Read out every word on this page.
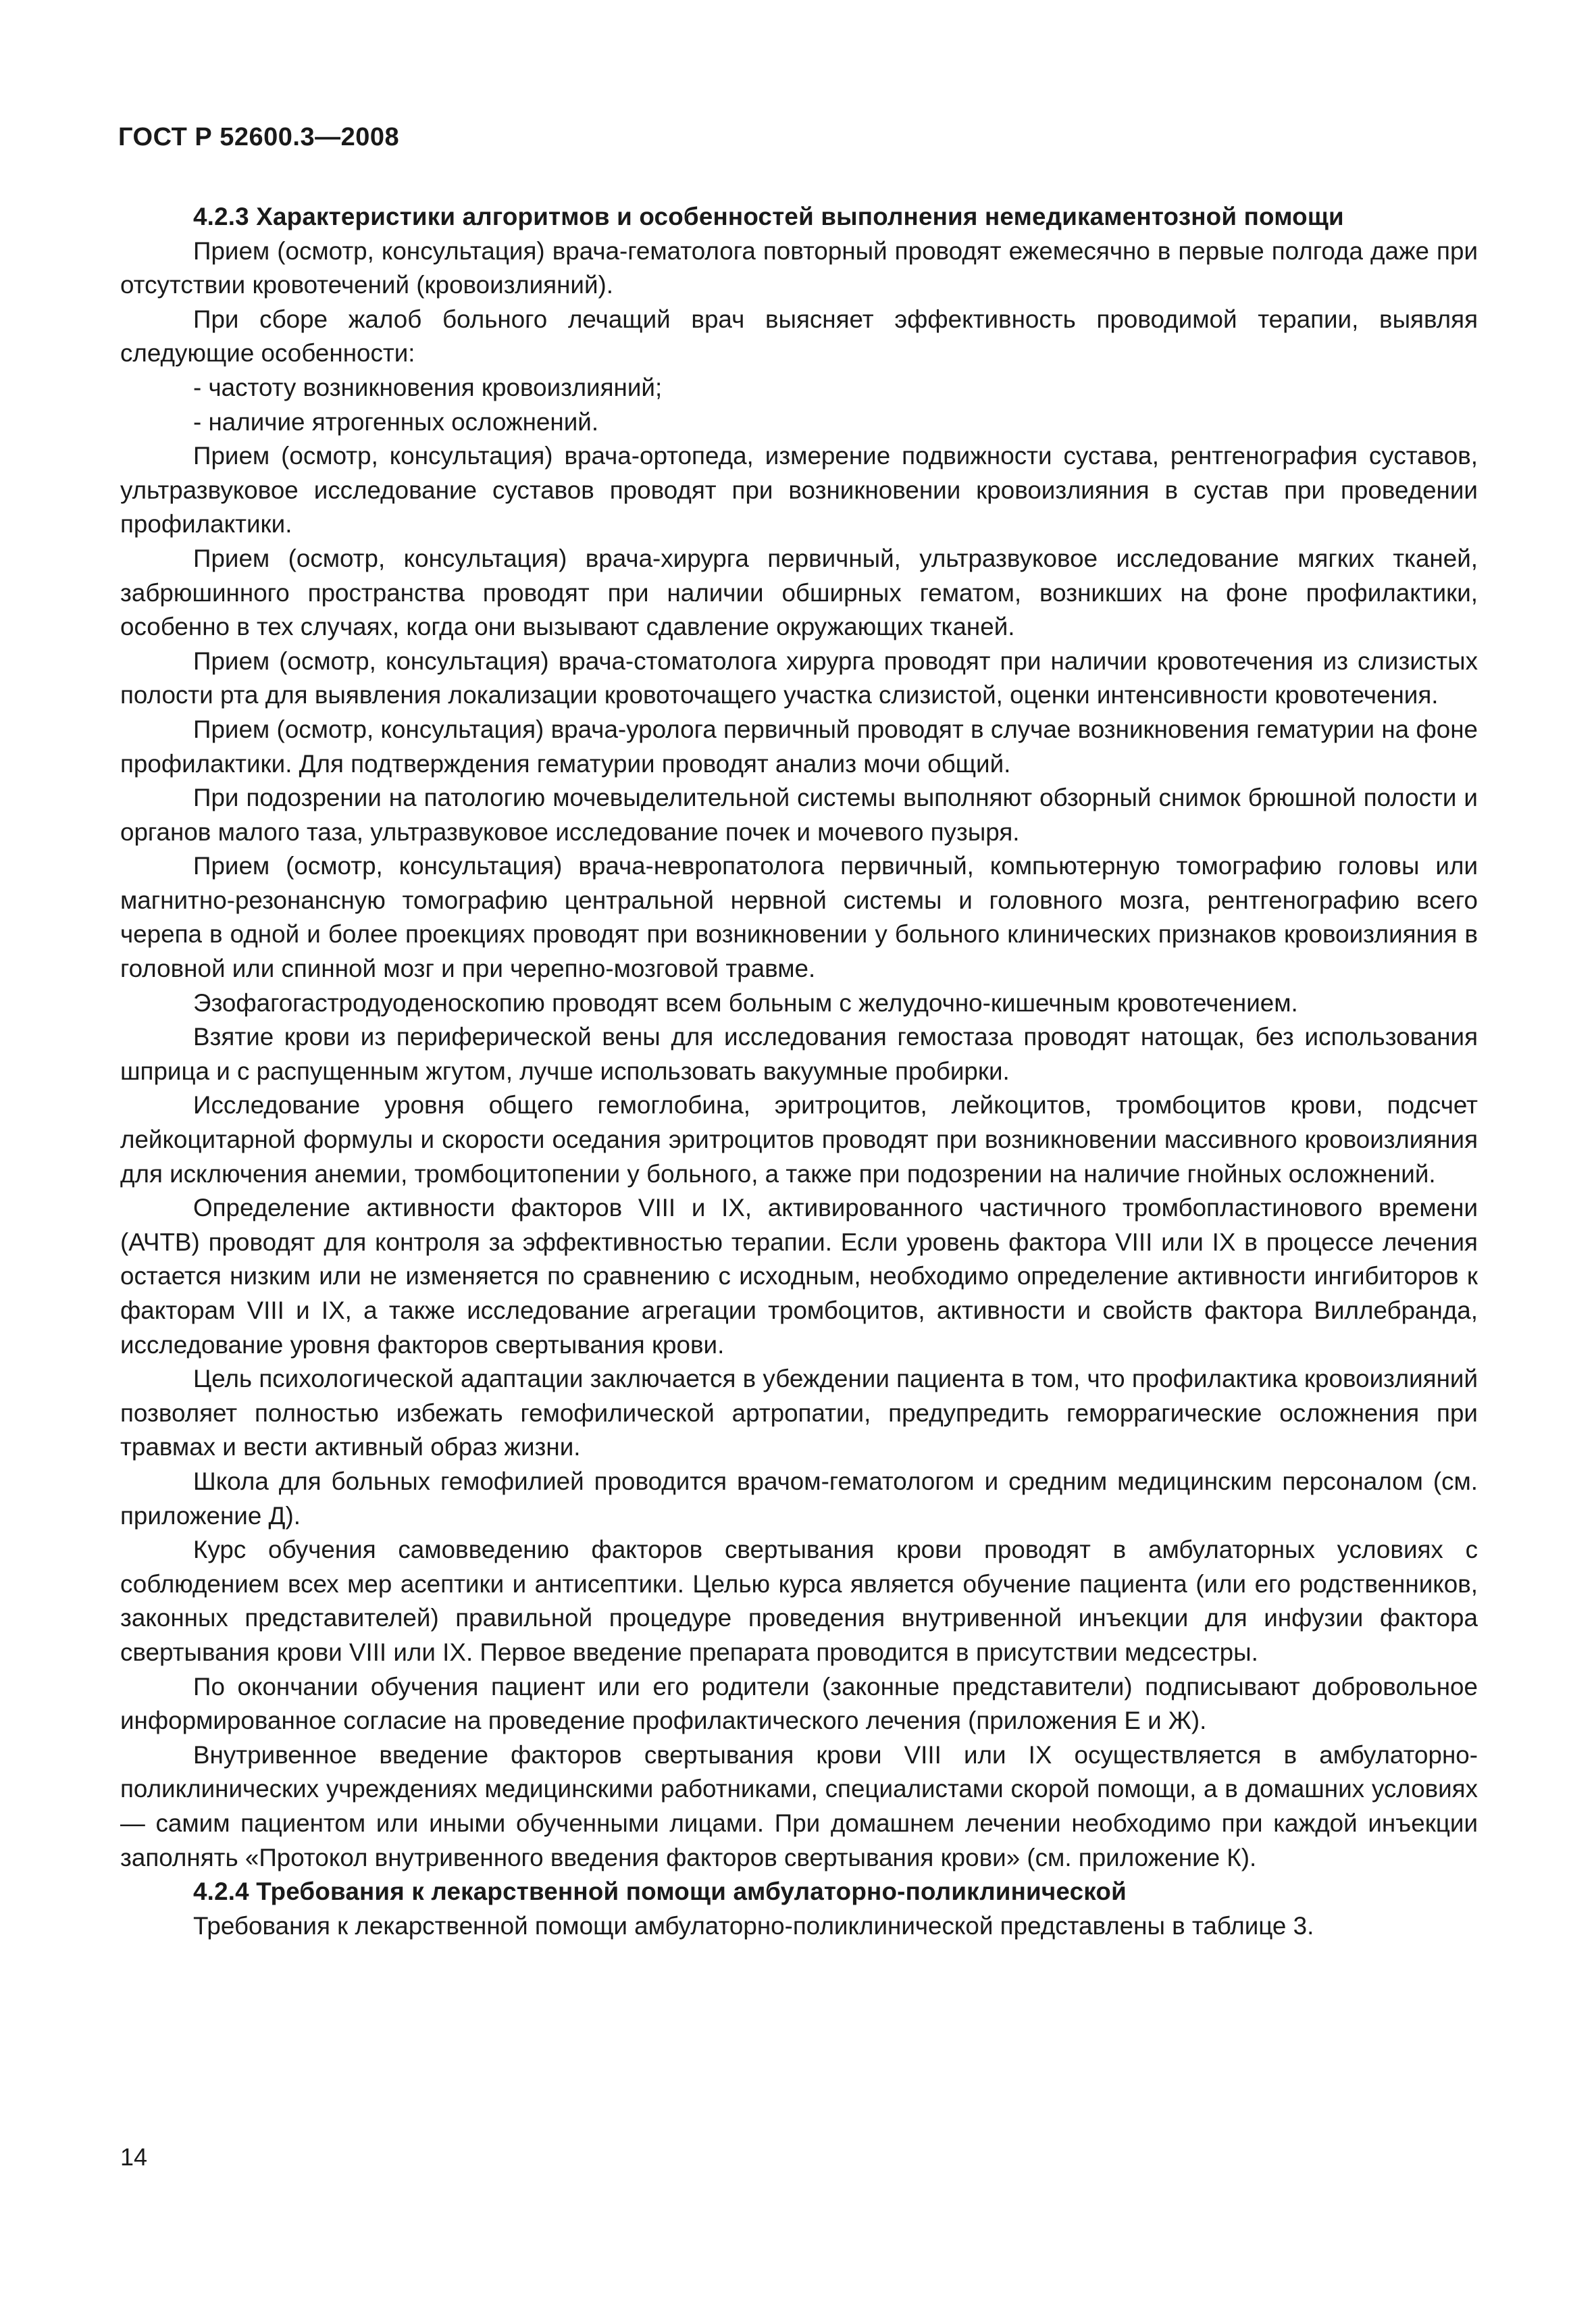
ГОСТ Р 52600.3—2008
4.2.3 Характеристики алгоритмов и особенностей выполнения немедикаментозной помощи

Прием (осмотр, консультация) врача-гематолога повторный проводят ежемесячно в первые полгода даже при отсутствии кровотечений (кровоизлияний).

При сборе жалоб больного лечащий врач выясняет эффективность проводимой терапии, выявляя следующие особенности:

- частоту возникновения кровоизлияний;

- наличие ятрогенных осложнений.

Прием (осмотр, консультация) врача-ортопеда, измерение подвижности сустава, рентгенография суставов, ультразвуковое исследование суставов проводят при возникновении кровоизлияния в сустав при проведении профилактики.

Прием (осмотр, консультация) врача-хирурга первичный, ультразвуковое исследование мягких тканей, забрюшинного пространства проводят при наличии обширных гематом, возникших на фоне профилактики, особенно в тех случаях, когда они вызывают сдавление окружающих тканей.

Прием (осмотр, консультация) врача-стоматолога хирурга проводят при наличии кровотечения из слизистых полости рта для выявления локализации кровоточащего участка слизистой, оценки интенсивности кровотечения.

Прием (осмотр, консультация) врача-уролога первичный проводят в случае возникновения гематурии на фоне профилактики. Для подтверждения гематурии проводят анализ мочи общий.

При подозрении на патологию мочевыделительной системы выполняют обзорный снимок брюшной полости и органов малого таза, ультразвуковое исследование почек и мочевого пузыря.

Прием (осмотр, консультация) врача-невропатолога первичный, компьютерную томографию головы или магнитно-резонансную томографию центральной нервной системы и головного мозга, рентгенографию всего черепа в одной и более проекциях проводят при возникновении у больного клинических признаков кровоизлияния в головной или спинной мозг и при черепно-мозговой травме.

Эзофагогастродуоденоскопию проводят всем больным с желудочно-кишечным кровотечением.

Взятие крови из периферической вены для исследования гемостаза проводят натощак, без использования шприца и с распущенным жгутом, лучше использовать вакуумные пробирки.

Исследование уровня общего гемоглобина, эритроцитов, лейкоцитов, тромбоцитов крови, подсчет лейкоцитарной формулы и скорости оседания эритроцитов проводят при возникновении массивного кровоизлияния для исключения анемии, тромбоцитопении у больного, а также при подозрении на наличие гнойных осложнений.

Определение активности факторов VIII и IX, активированного частичного тромбопластинового времени (АЧТВ) проводят для контроля за эффективностью терапии. Если уровень фактора VIII или IX в процессе лечения остается низким или не изменяется по сравнению с исходным, необходимо определение активности ингибиторов к факторам VIII и IX, а также исследование агрегации тромбоцитов, активности и свойств фактора Виллебранда, исследование уровня факторов свертывания крови.

Цель психологической адаптации заключается в убеждении пациента в том, что профилактика кровоизлияний позволяет полностью избежать гемофилической артропатии, предупредить геморрагические осложнения при травмах и вести активный образ жизни.

Школа для больных гемофилией проводится врачом-гематологом и средним медицинским персоналом (см. приложение Д).

Курс обучения самовведению факторов свертывания крови проводят в амбулаторных условиях с соблюдением всех мер асептики и антисептики. Целью курса является обучение пациента (или его родственников, законных представителей) правильной процедуре проведения внутривенной инъекции для инфузии фактора свертывания крови VIII или IX. Первое введение препарата проводится в присутствии медсестры.

По окончании обучения пациент или его родители (законные представители) подписывают добровольное информированное согласие на проведение профилактического лечения (приложения Е и Ж).

Внутривенное введение факторов свертывания крови VIII или IX осуществляется в амбулаторно-поликлинических учреждениях медицинскими работниками, специалистами скорой помощи, а в домашних условиях — самим пациентом или иными обученными лицами. При домашнем лечении необходимо при каждой инъекции заполнять «Протокол внутривенного введения факторов свертывания крови» (см. приложение К).

4.2.4 Требования к лекарственной помощи амбулаторно-поликлинической

Требования к лекарственной помощи амбулаторно-поликлинической представлены в таблице 3.

14
